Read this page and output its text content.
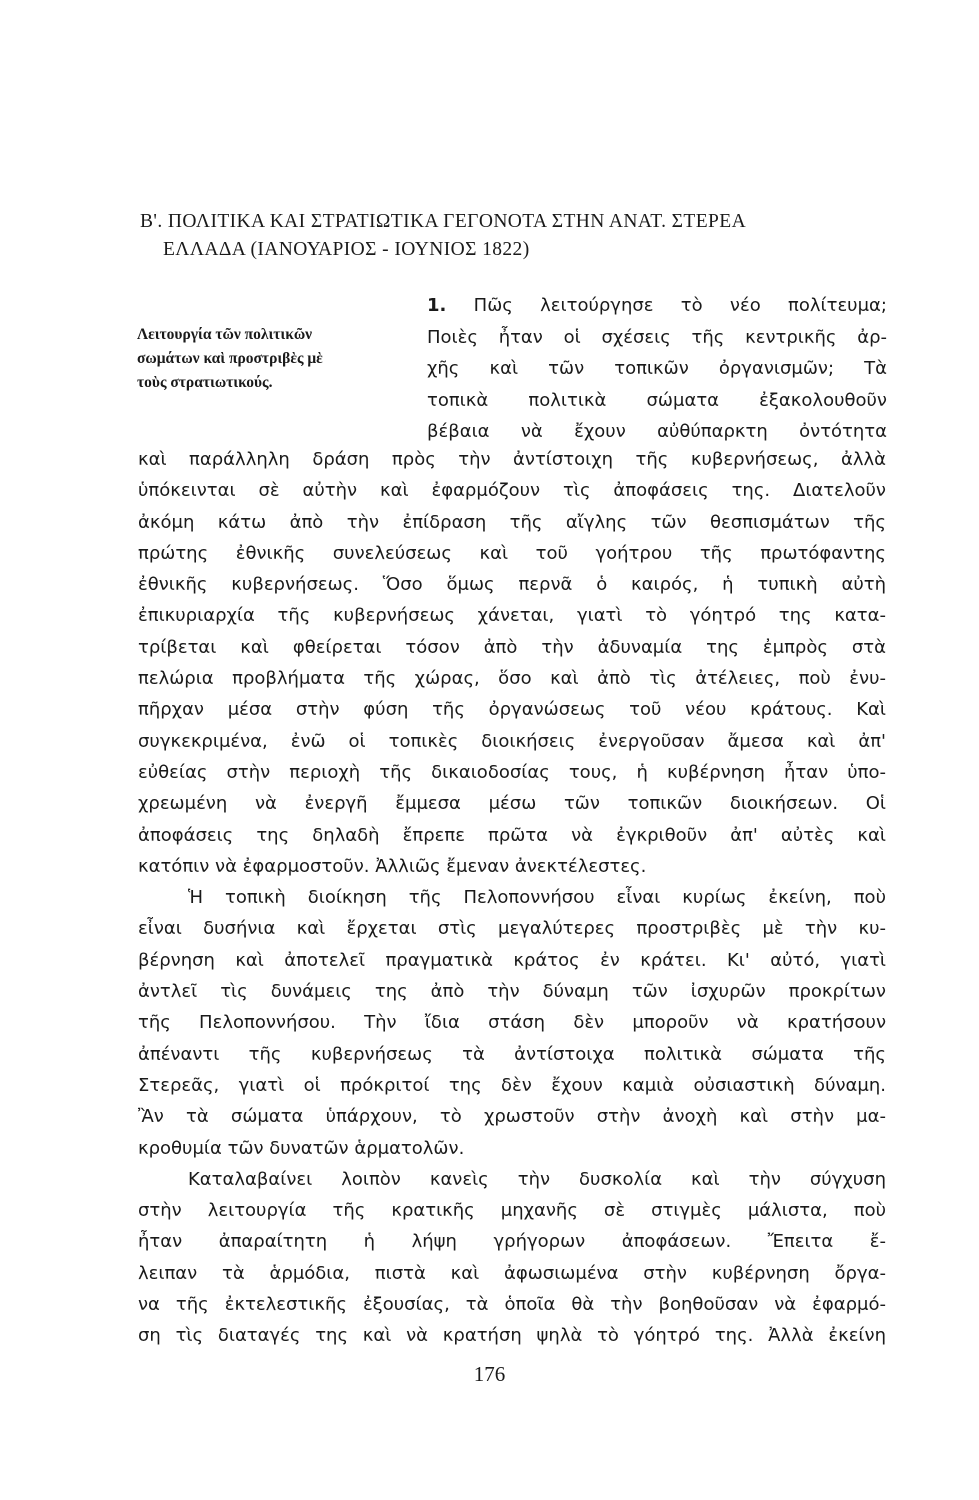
Β'. ΠΟΛΙΤΙΚΑ ΚΑΙ ΣΤΡΑΤΙΩΤΙΚΑ ΓΕΓΟΝΟΤΑ ΣΤΗΝ ΑΝΑΤ. ΣΤΕΡΕΑ
ΕΛΛΑΔΑ (ΙΑΝΟΥΑΡΙΟΣ - ΙΟΥΝΙΟΣ 1822)
Λειτουργία τῶν πολιτικῶν
σωμάτων καὶ προστριβὲς μὲ
τοὺς στρατιωτικούς.
1. Πῶς λειτούργησε τὸ νέο πολίτευμα;
Ποιὲς ἦταν οἱ σχέσεις τῆς κεντρικῆς ἀρ-
χῆς καὶ τῶν τοπικῶν ὀργανισμῶν; Τὰ
τοπικὰ πολιτικὰ σώματα ἐξακολουθοῦν
βέβαια νὰ ἔχουν αὐθύπαρκτη ὀντότητα
καὶ παράλληλη δράση πρὸς τὴν ἀντίστοιχη τῆς κυβερνήσεως, ἀλλὰ
ὑπόκεινται σὲ αὐτὴν καὶ ἐφαρμόζουν τὶς ἀποφάσεις της. Διατελοῦν
ἀκόμη κάτω ἀπὸ τὴν ἐπίδραση τῆς αἴγλης τῶν θεσπισμάτων τῆς
πρώτης ἐθνικῆς συνελεύσεως καὶ τοῦ γοήτρου τῆς πρωτόφαντης
ἐθνικῆς κυβερνήσεως. Ὅσο ὅμως περνᾶ ὁ καιρός, ἡ τυπικὴ αὐτὴ
ἐπικυριαρχία τῆς κυβερνήσεως χάνεται, γιατὶ τὸ γόητρό της κατα-
τρίβεται καὶ φθείρεται τόσον ἀπὸ τὴν ἀδυναμία της ἐμπρὸς στὰ
πελώρια προβλήματα τῆς χώρας, ὅσο καὶ ἀπὸ τὶς ἀτέλειες, ποὺ ἐνυ-
πῆρχαν μέσα στὴν φύση τῆς ὀργανώσεως τοῦ νέου κράτους. Καὶ
συγκεκριμένα, ἐνῶ οἱ τοπικὲς διοικήσεις ἐνεργοῦσαν ἄμεσα καὶ ἀπ'
εὐθείας στὴν περιοχὴ τῆς δικαιοδοσίας τους, ἡ κυβέρνηση ἦταν ὑπο-
χρεωμένη νὰ ἐνεργῆ ἔμμεσα μέσω τῶν τοπικῶν διοικήσεων. Οἱ
ἀποφάσεις της δηλαδὴ ἔπρεπε πρῶτα νὰ ἐγκριθοῦν ἀπ' αὐτὲς καὶ
κατόπιν νὰ ἐφαρμοστοῦν. Ἀλλιῶς ἔμεναν ἀνεκτέλεστες.
Ἡ τοπικὴ διοίκηση τῆς Πελοποννήσου εἶναι κυρίως ἐκείνη, ποὺ
εἶναι δυσήνια καὶ ἔρχεται στὶς μεγαλύτερες προστριβὲς μὲ τὴν κυ-
βέρνηση καὶ ἀποτελεῖ πραγματικὰ κράτος ἐν κράτει. Κι' αὐτό, γιατὶ
ἀντλεῖ τὶς δυνάμεις της ἀπὸ τὴν δύναμη τῶν ἰσχυρῶν προκρίτων
τῆς Πελοποννήσου. Τὴν ἴδια στάση δὲν μποροῦν νὰ κρατήσουν
ἀπέναντι τῆς κυβερνήσεως τὰ ἀντίστοιχα πολιτικὰ σώματα τῆς
Στερεᾶς, γιατὶ οἱ πρόκριτοί της δὲν ἔχουν καμιὰ οὐσιαστικὴ δύναμη.
Ἂν τὰ σώματα ὑπάρχουν, τὸ χρωστοῦν στὴν ἀνοχὴ καὶ στὴν μα-
κροθυμία τῶν δυνατῶν ἁρματολῶν.
Καταλαβαίνει λοιπὸν κανεὶς τὴν δυσκολία καὶ τὴν σύγχυση
στὴν λειτουργία τῆς κρατικῆς μηχανῆς σὲ στιγμὲς μάλιστα, ποὺ
ἦταν ἀπαραίτητη ἡ λήψη γρήγορων ἀποφάσεων. Ἔπειτα ἔ-
λειπαν τὰ ἁρμόδια, πιστὰ καὶ ἀφωσιωμένα στὴν κυβέρνηση ὄργα-
να τῆς ἐκτελεστικῆς ἐξουσίας, τὰ ὁποῖα θὰ τὴν βοηθοῦσαν νὰ ἐφαρμό-
ση τὶς διαταγές της καὶ νὰ κρατήση ψηλὰ τὸ γόητρό της. Ἀλλὰ ἐκείνη
176
